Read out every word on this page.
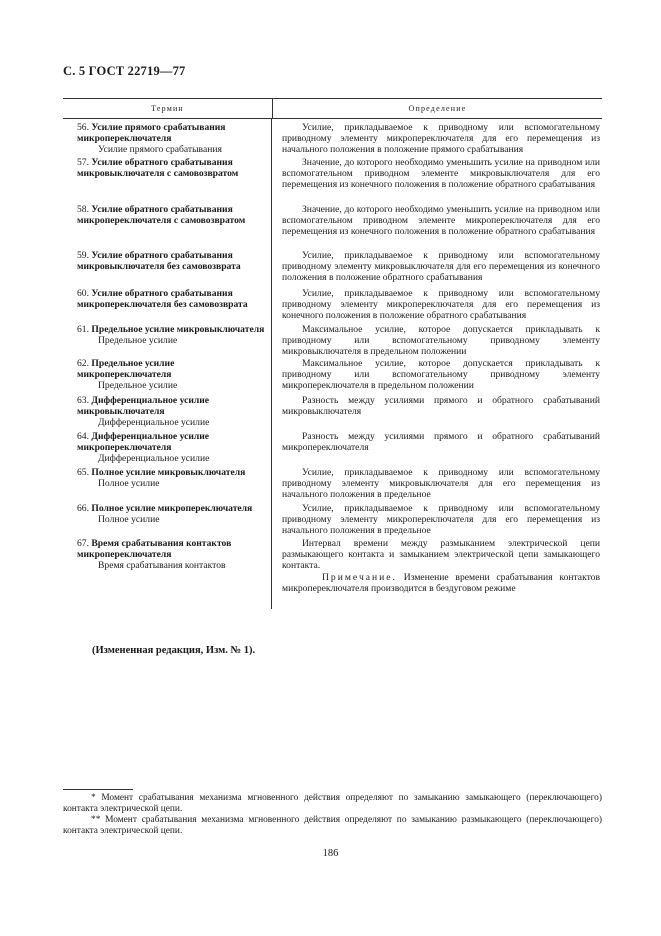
С. 5 ГОСТ 22719—77
Термин	Определение
56. Усилие прямого срабатывания микропереключателя
Усилие прямого срабатывания
57. Усилие обратного срабатывания микровыключателя с самовозвратом
58. Усилие обратного срабатывания микропереключателя с самовозвратом
59. Усилие обратного срабатывания микровыключателя без самовозврата
60. Усилие обратного срабатывания микропереключателя без самовозврата
61. Предельное усилие микровыключателя
Предельное усилие
62. Предельное усилие микропереключателя
Предельное усилие
63. Дифференциальное усилие микровыключателя
Дифференциальное усилие
64. Дифференциальное усилие микропереключателя
Дифференциальное усилие
65. Полное усилие микровыключателя
Полное усилие
66. Полное усилие микропереключателя
Полное усилие
67. Время срабатывания контактов микропереключателя
Время срабатывания контактов
Усилие, прикладываемое к приводному или вспомогательному приводному элементу микропереключателя для его перемещения из начального положения в положение прямого срабатывания
Значение, до которого необходимо уменьшить усилие на приводном или вспомогательном приводном элементе микровыключателя для его перемещения из конечного положения в положение обратного срабатывания
Значение, до которого необходимо уменьшить усилие на приводном или вспомогательном приводном элементе микропереключателя для его перемещения из конечного положения в положение обратного срабатывания
Усилие, прикладываемое к приводному или вспомогательному приводному элементу микровыключателя для его перемещения из конечного положения в положение обратного срабатывания
Усилие, прикладываемое к приводному или вспомогательному приводному элементу микропереключателя для его перемещения из конечного положения в положение обратного срабатывания
Максимальное усилие, которое допускается прикладывать к приводному или вспомогательному приводному элементу микровыключателя в предельном положении
Максимальное усилие, которое допускается прикладывать к приводному или вспомогательному приводному элементу микропереключателя в предельном положении
Разность между усилиями прямого и обратного срабатываний микровыключателя
Разность между усилиями прямого и обратного срабатываний микропереключателя
Усилие, прикладываемое к приводному или вспомогательному приводному элементу микровыключателя для его перемещения из начального положения в предельное
Усилие, прикладываемое к приводному или вспомогательному приводному элементу микропереключателя для его перемещения из начального положения в предельное
Интервал времени между размыканием электрической цепи размыкающего контакта и замыканием электрической цепи замыкающего контакта.
Примечание. Изменение времени срабатывания контактов микропереключателя производится в бездуговом режиме
(Измененная редакция, Изм. № 1).

* Момент срабатывания механизма мгновенного действия определяют по замыканию замыкающего (переключающего) контакта электрической цепи.

** Момент срабатывания механизма мгновенного действия определяют по замыканию размыкающего (переключающего) контакта электрической цепи.

186
